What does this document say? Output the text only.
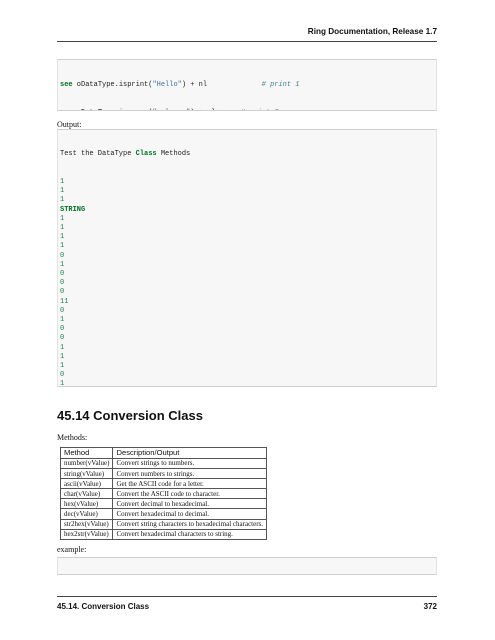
Ring Documentation, Release 1.7

see oDataType.isprint("Hello") + nl             # print 1

Output:

Test the DataType Class Methods

1
1
1
STRING
1
1
1
1
0
1
0
0
0
11
0
1
0
0
1
1
1
0
1

45.14 Conversion Class
Methods:
Method	Description/Output
number(vValue)	Convert strings to numbers.
string(vValue)	Convert numbers to strings.
ascii(vValue)	Get the ASCII code for a letter.
char(vValue)	Convert the ASCII code to character.
hex(vValue)	Convert decimal to hexadecimal.
dec(vValue)	Convert hexadecimal to decimal.
str2hex(vValue)	Convert string characters to hexadecimal characters.
hex2str(vValue)	Convert hexadecimal characters to string.
example:

45.14. Conversion Class	372
